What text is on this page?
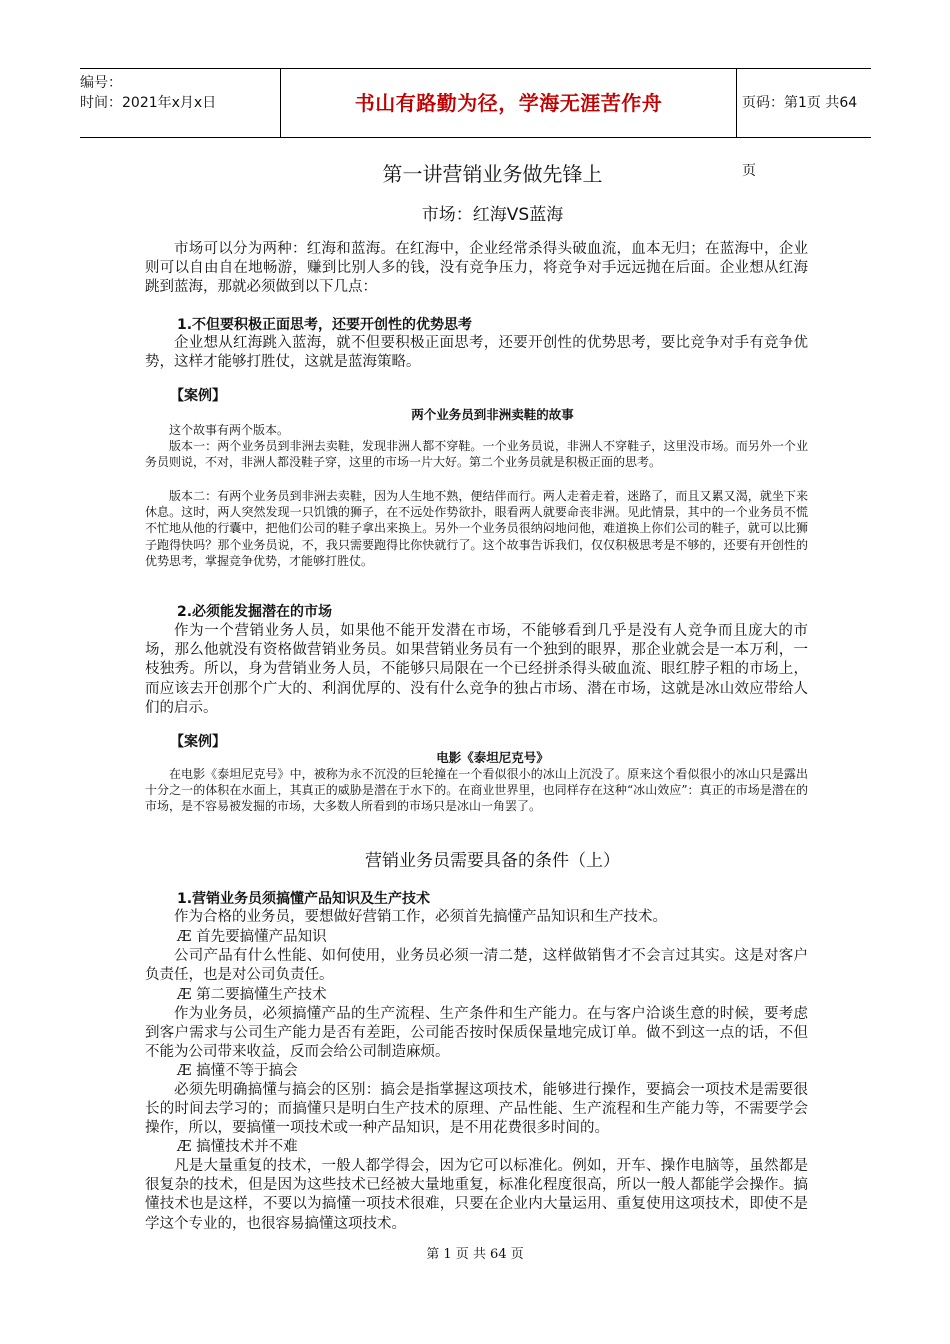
编号：
时间：2021年x月x日	书山有路勤为径，学海无涯苦作舟	页码：第1页 共64页
第一讲营销业务做先锋上
市场：红海VS蓝海
市场可以分为两种：红海和蓝海。在红海中，企业经常杀得头破血流，血本无归；在蓝海中，企业则可以自由自在地畅游，赚到比别人多的钱，没有竞争压力，将竞争对手远远抛在后面。企业想从红海跳到蓝海，那就必须做到以下几点：
1.不但要积极正面思考，还要开创性的优势思考
企业想从红海跳入蓝海，就不但要积极正面思考，还要开创性的优势思考，要比竞争对手有竞争优势，这样才能够打胜仗，这就是蓝海策略。
【案例】
两个业务员到非洲卖鞋的故事
这个故事有两个版本。
版本一：两个业务员到非洲去卖鞋，发现非洲人都不穿鞋。一个业务员说，非洲人不穿鞋子，这里没市场。而另外一个业务员则说，不对，非洲人都没鞋子穿，这里的市场一片大好。第二个业务员就是积极正面的思考。
版本二：有两个业务员到非洲去卖鞋，因为人生地不熟，便结伴而行。两人走着走着，迷路了，而且又累又渴，就坐下来休息。这时，两人突然发现一只饥饿的狮子，在不远处作势欲扑，眼看两人就要命丧非洲。见此情景，其中的一个业务员不慌不忙地从他的行囊中，把他们公司的鞋子拿出来换上。另外一个业务员很纳闷地问他，难道换上你们公司的鞋子，就可以比狮子跑得快吗？那个业务员说，不，我只需要跑得比你快就行了。这个故事告诉我们，仅仅积极思考是不够的，还要有开创性的优势思考，掌握竞争优势，才能够打胜仗。
2.必须能发掘潜在的市场
作为一个营销业务人员，如果他不能开发潜在市场，不能够看到几乎是没有人竞争而且庞大的市场，那么他就没有资格做营销业务员。如果营销业务员有一个独到的眼界，那企业就会是一本万利，一枝独秀。所以，身为营销业务人员，不能够只局限在一个已经拼杀得头破血流、眼红脖子粗的市场上，而应该去开创那个广大的、利润优厚的、没有什么竞争的独占市场、潜在市场，这就是冰山效应带给人们的启示。
【案例】
电影《泰坦尼克号》
在电影《泰坦尼克号》中，被称为永不沉没的巨轮撞在一个看似很小的冰山上沉没了。原来这个看似很小的冰山只是露出十分之一的体积在水面上，其真正的威胁是潜在于水下的。在商业世界里，也同样存在这种“冰山效应”：真正的市场是潜在的市场，是不容易被发掘的市场，大多数人所看到的市场只是冰山一角罢了。
营销业务员需要具备的条件（上）
1.营销业务员须搞懂产品知识及生产技术
作为合格的业务员，要想做好营销工作，必须首先搞懂产品知识和生产技术。
Æ 首先要搞懂产品知识
公司产品有什么性能、如何使用，业务员必须一清二楚，这样做销售才不会言过其实。这是对客户负责任，也是对公司负责任。
Æ 第二要搞懂生产技术
作为业务员，必须搞懂产品的生产流程、生产条件和生产能力。在与客户洽谈生意的时候，要考虑到客户需求与公司生产能力是否有差距，公司能否按时保质保量地完成订单。做不到这一点的话，不但不能为公司带来收益，反而会给公司制造麻烦。
Æ 搞懂不等于搞会
必须先明确搞懂与搞会的区别：搞会是指掌握这项技术，能够进行操作，要搞会一项技术是需要很长的时间去学习的；而搞懂只是明白生产技术的原理、产品性能、生产流程和生产能力等，不需要学会操作，所以，要搞懂一项技术或一种产品知识，是不用花费很多时间的。
Æ 搞懂技术并不难
凡是大量重复的技术，一般人都学得会，因为它可以标准化。例如，开车、操作电脑等，虽然都是很复杂的技术，但是因为这些技术已经被大量地重复，标准化程度很高，所以一般人都能学会操作。搞懂技术也是这样，不要以为搞懂一项技术很难，只要在企业内大量运用、重复使用这项技术，即使不是学这个专业的，也很容易搞懂这项技术。
第 1 页 共 64 页
